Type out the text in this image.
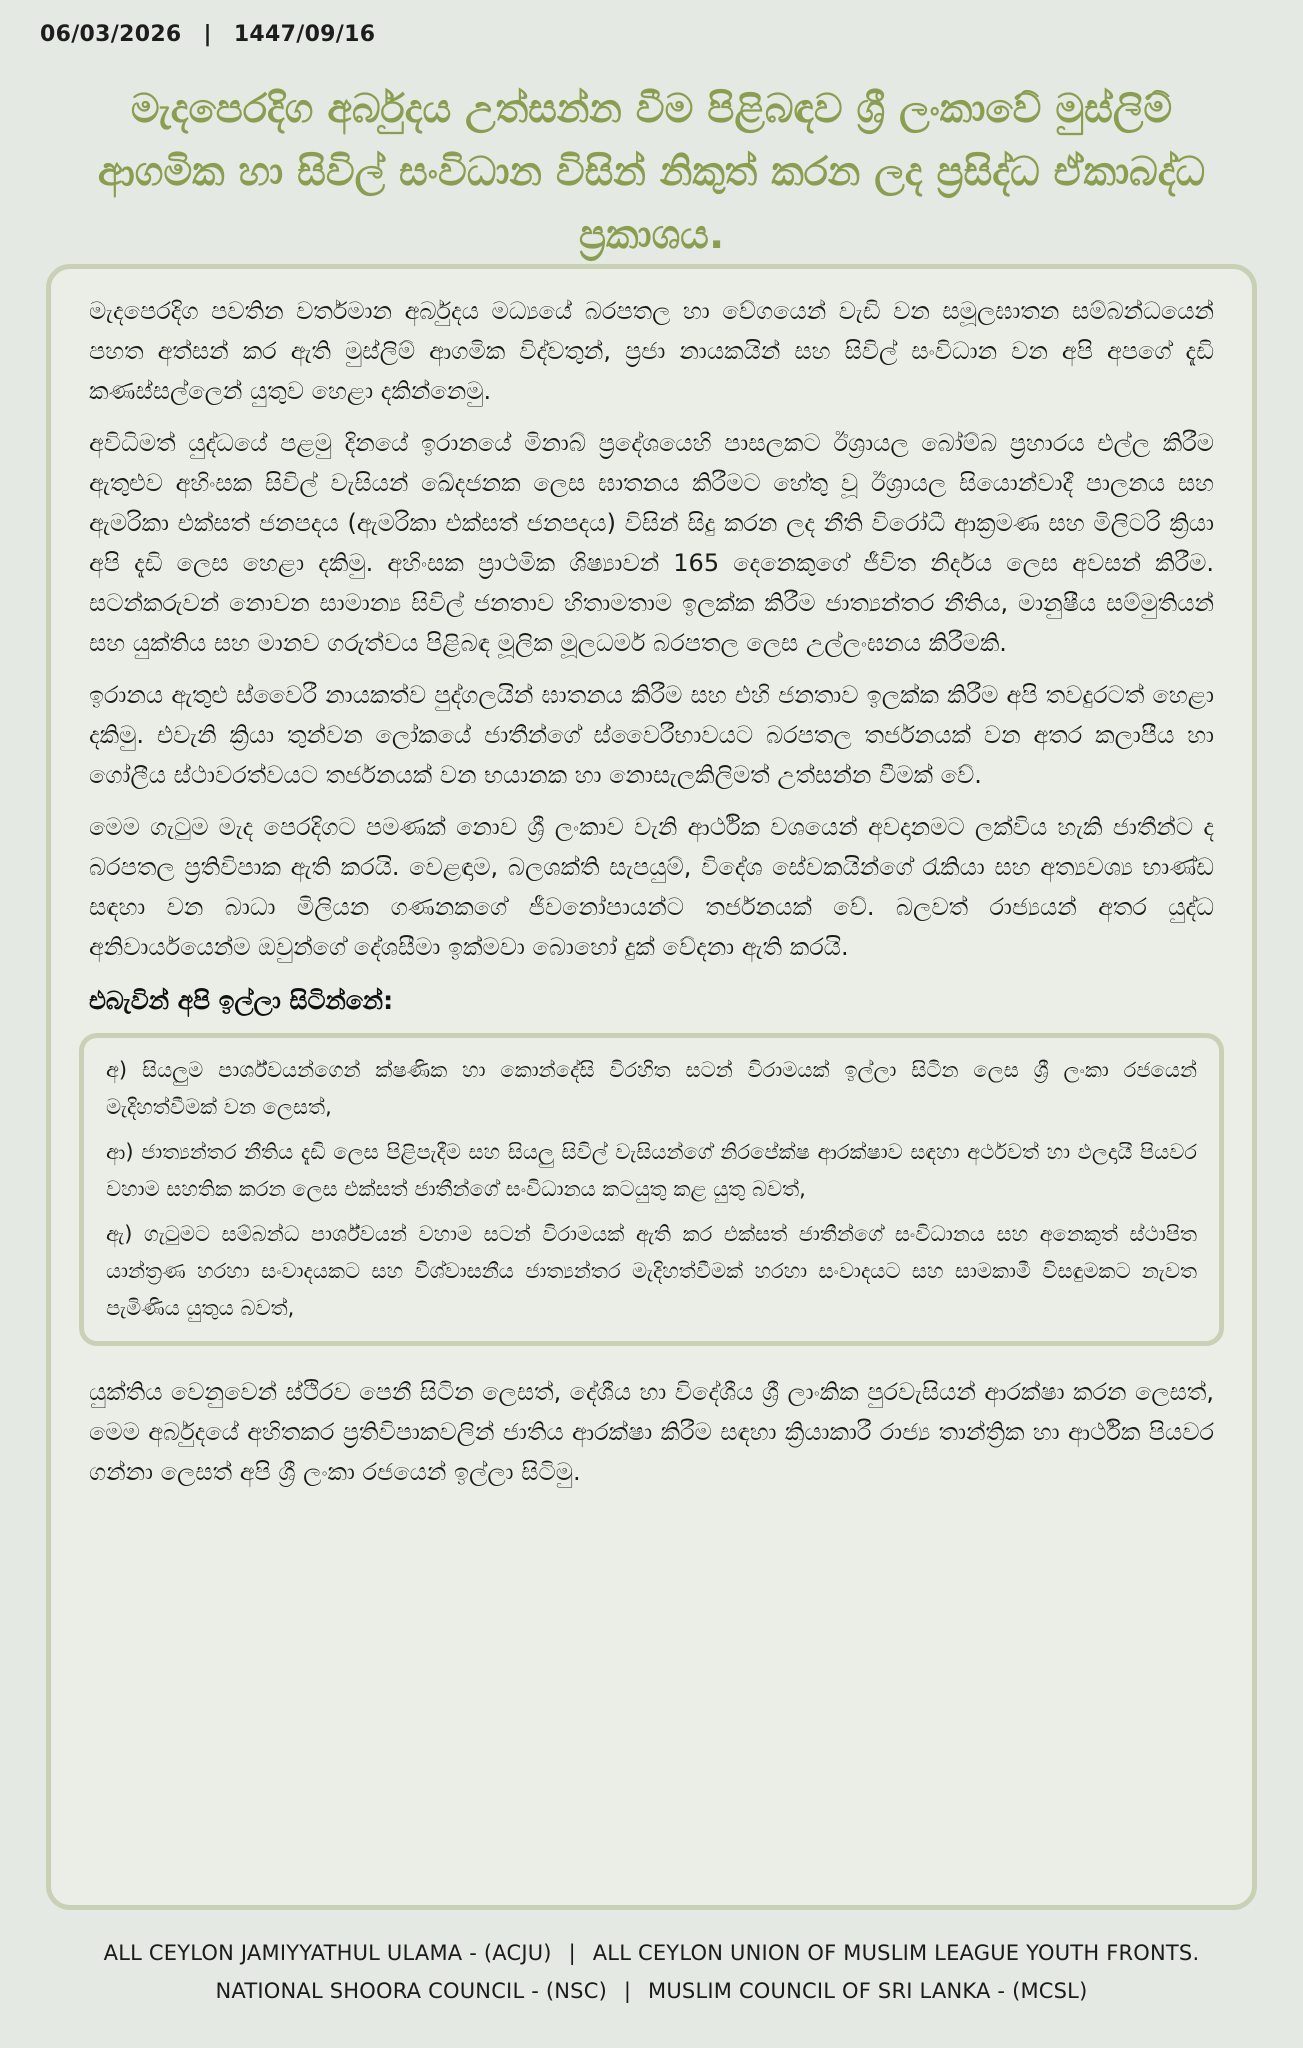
06/03/2026 | 1447/09/16
මැදපෙරදිග අර්බුදය උත්සන්න වීම පිළිබඳව ශ්‍රී ලංකාවේ මුස්ලිම් ආගමික හා සිවිල් සංවිධාන විසින් නිකුත් කරන ලද ප්‍රසිද්ධ ඒකාබද්ධ ප්‍රකාශය.

මැදපෙරදිග පවතින වර්තමාන අර්බුදය මධ්‍යයේ බරපතල හා වේගයෙන් වැඩි වන සමූලඝාතන සම්බන්ධයෙන් පහත අත්සන් කර ඇති මුස්ලිම් ආගමික විද්වතුන්, ප්‍රජා නායකයින් සහ සිවිල් සංවිධාන වන අපි අපගේ දැඩි කණස්සල්ලෙන් යුතුව හෙළා දකින්නෙමු.

අවිධිමත් යුද්ධයේ පළමු දිනයේ ඉරානයේ මිනාබ් ප්‍රදේශයෙහි පාසලකට ඊශ්‍රායල බෝම්බ ප්‍රහාරය එල්ල කිරීම ඇතුළුව අහිංසක සිවිල් වැසියන් ඛේදජනක ලෙස ඝාතනය කිරීමට හේතු වූ ඊශ්‍රායල සියොන්වාදී පාලනය සහ ඇමරිකා එක්සත් ජනපදය (ඇමරිකා එක්සත් ජනපදය) විසින් සිදු කරන ලද නීති විරෝධී ආක්‍රමණ සහ මිලිටරි ක්‍රියා අපි දැඩි ලෙස හෙළා දකිමු. අහිංසක ප්‍රාථමික ශිෂ්‍යාවන් 165 දෙනෙකුගේ ජීවිත නිර්දය ලෙස අවසන් කිරීම. සටන්කරුවන් නොවන සාමාන්‍ය සිවිල් ජනතාව හිතාමතාම ඉලක්ක කිරීම ජාත්‍යන්තර නීතිය, මානුෂීය සම්මුතියන් සහ යුක්තිය සහ මානව ගරුත්වය පිළිබඳ මූලික මූලධර්ම බරපතල ලෙස උල්ලංඝනය කිරීමකි.

ඉරානය ඇතුළු ස්වෛරී නායකත්ව පුද්ගලයින් ඝාතනය කිරීම සහ එහි ජනතාව ඉලක්ක කිරීම අපි තවදුරටත් හෙළා දකිමු. එවැනි ක්‍රියා තුන්වන ලෝකයේ ජාතීන්ගේ ස්වෛරීභාවයට බරපතල තර්ජනයක් වන අතර කලාපීය හා ගෝලීය ස්ථාවරත්වයට තර්ජනයක් වන භයානක හා නොසැලකිලිමත් උත්සන්න වීමක් වේ.

මෙම ගැටුම මැද පෙරදිගට පමණක් නොව ශ්‍රී ලංකාව වැනි ආර්ථික වශයෙන් අවදානමට ලක්විය හැකි ජාතීන්ට ද බරපතල ප්‍රතිවිපාක ඇති කරයි. වෙළඳාම, බලශක්ති සැපයුම්, විදේශ සේවකයින්ගේ රැකියා සහ අත්‍යවශ්‍ය භාණ්ඩ සඳහා වන බාධා මිලියන ගණනකගේ ජීවනෝපායන්ට තර්ජනයක් වේ. බලවත් රාජ්‍යයන් අතර යුද්ධ අනිවාර්යයෙන්ම ඔවුන්ගේ දේශසීමා ඉක්මවා බොහෝ දුක් වේදනා ඇති කරයි.

එබැවින් අපි ඉල්ලා සිටින්නේ:

අ) සියලුම පාර්ශ්වයන්ගෙන් ක්ෂණික හා කොන්දේසි විරහිත සටන් විරාමයක් ඉල්ලා සිටින ලෙස ශ්‍රී ලංකා රජයෙන් මැදිහත්වීමක් වන ලෙසත්,

ආ) ජාත්‍යන්තර නීතිය දැඩි ලෙස පිළිපැදීම සහ සියලු සිවිල් වැසියන්ගේ නිරපේක්ෂ ආරක්ෂාව සඳහා අර්ථවත් හා ඵලදායී පියවර වහාම සහතික කරන ලෙස එක්සත් ජාතීන්ගේ සංවිධානය කටයුතු කළ යුතු බවත්,

ඇ) ගැටුමට සම්බන්ධ පාර්ශ්වයන් වහාම සටන් විරාමයක් ඇති කර එක්සත් ජාතීන්ගේ සංවිධානය සහ අනෙකුත් ස්ථාපිත යාන්ත්‍රණ හරහා සංවාදයකට සහ විශ්වාසනීය ජාත්‍යන්තර මැදිහත්වීමක් හරහා සංවාදයට සහ සාමකාමී විසඳුමකට නැවත පැමිණිය යුතුය බවත්,

යුක්තිය වෙනුවෙන් ස්ථිරව පෙනී සිටින ලෙසත්, දේශීය හා විදේශීය ශ්‍රී ලාංකික පුරවැසියන් ආරක්ෂා කරන ලෙසත්, මෙම අර්බුදයේ අහිතකර ප්‍රතිවිපාකවලින් ජාතිය ආරක්ෂා කිරීම සඳහා ක්‍රියාකාරී රාජ්‍ය තාන්ත්‍රික හා ආර්ථික පියවර ගන්නා ලෙසත් අපි ශ්‍රී ලංකා රජයෙන් ඉල්ලා සිටිමු.

ALL CEYLON JAMIYYATHUL ULAMA - (ACJU) | ALL CEYLON UNION OF MUSLIM LEAGUE YOUTH FRONTS.
NATIONAL SHOORA COUNCIL - (NSC) | MUSLIM COUNCIL OF SRI LANKA - (MCSL)
